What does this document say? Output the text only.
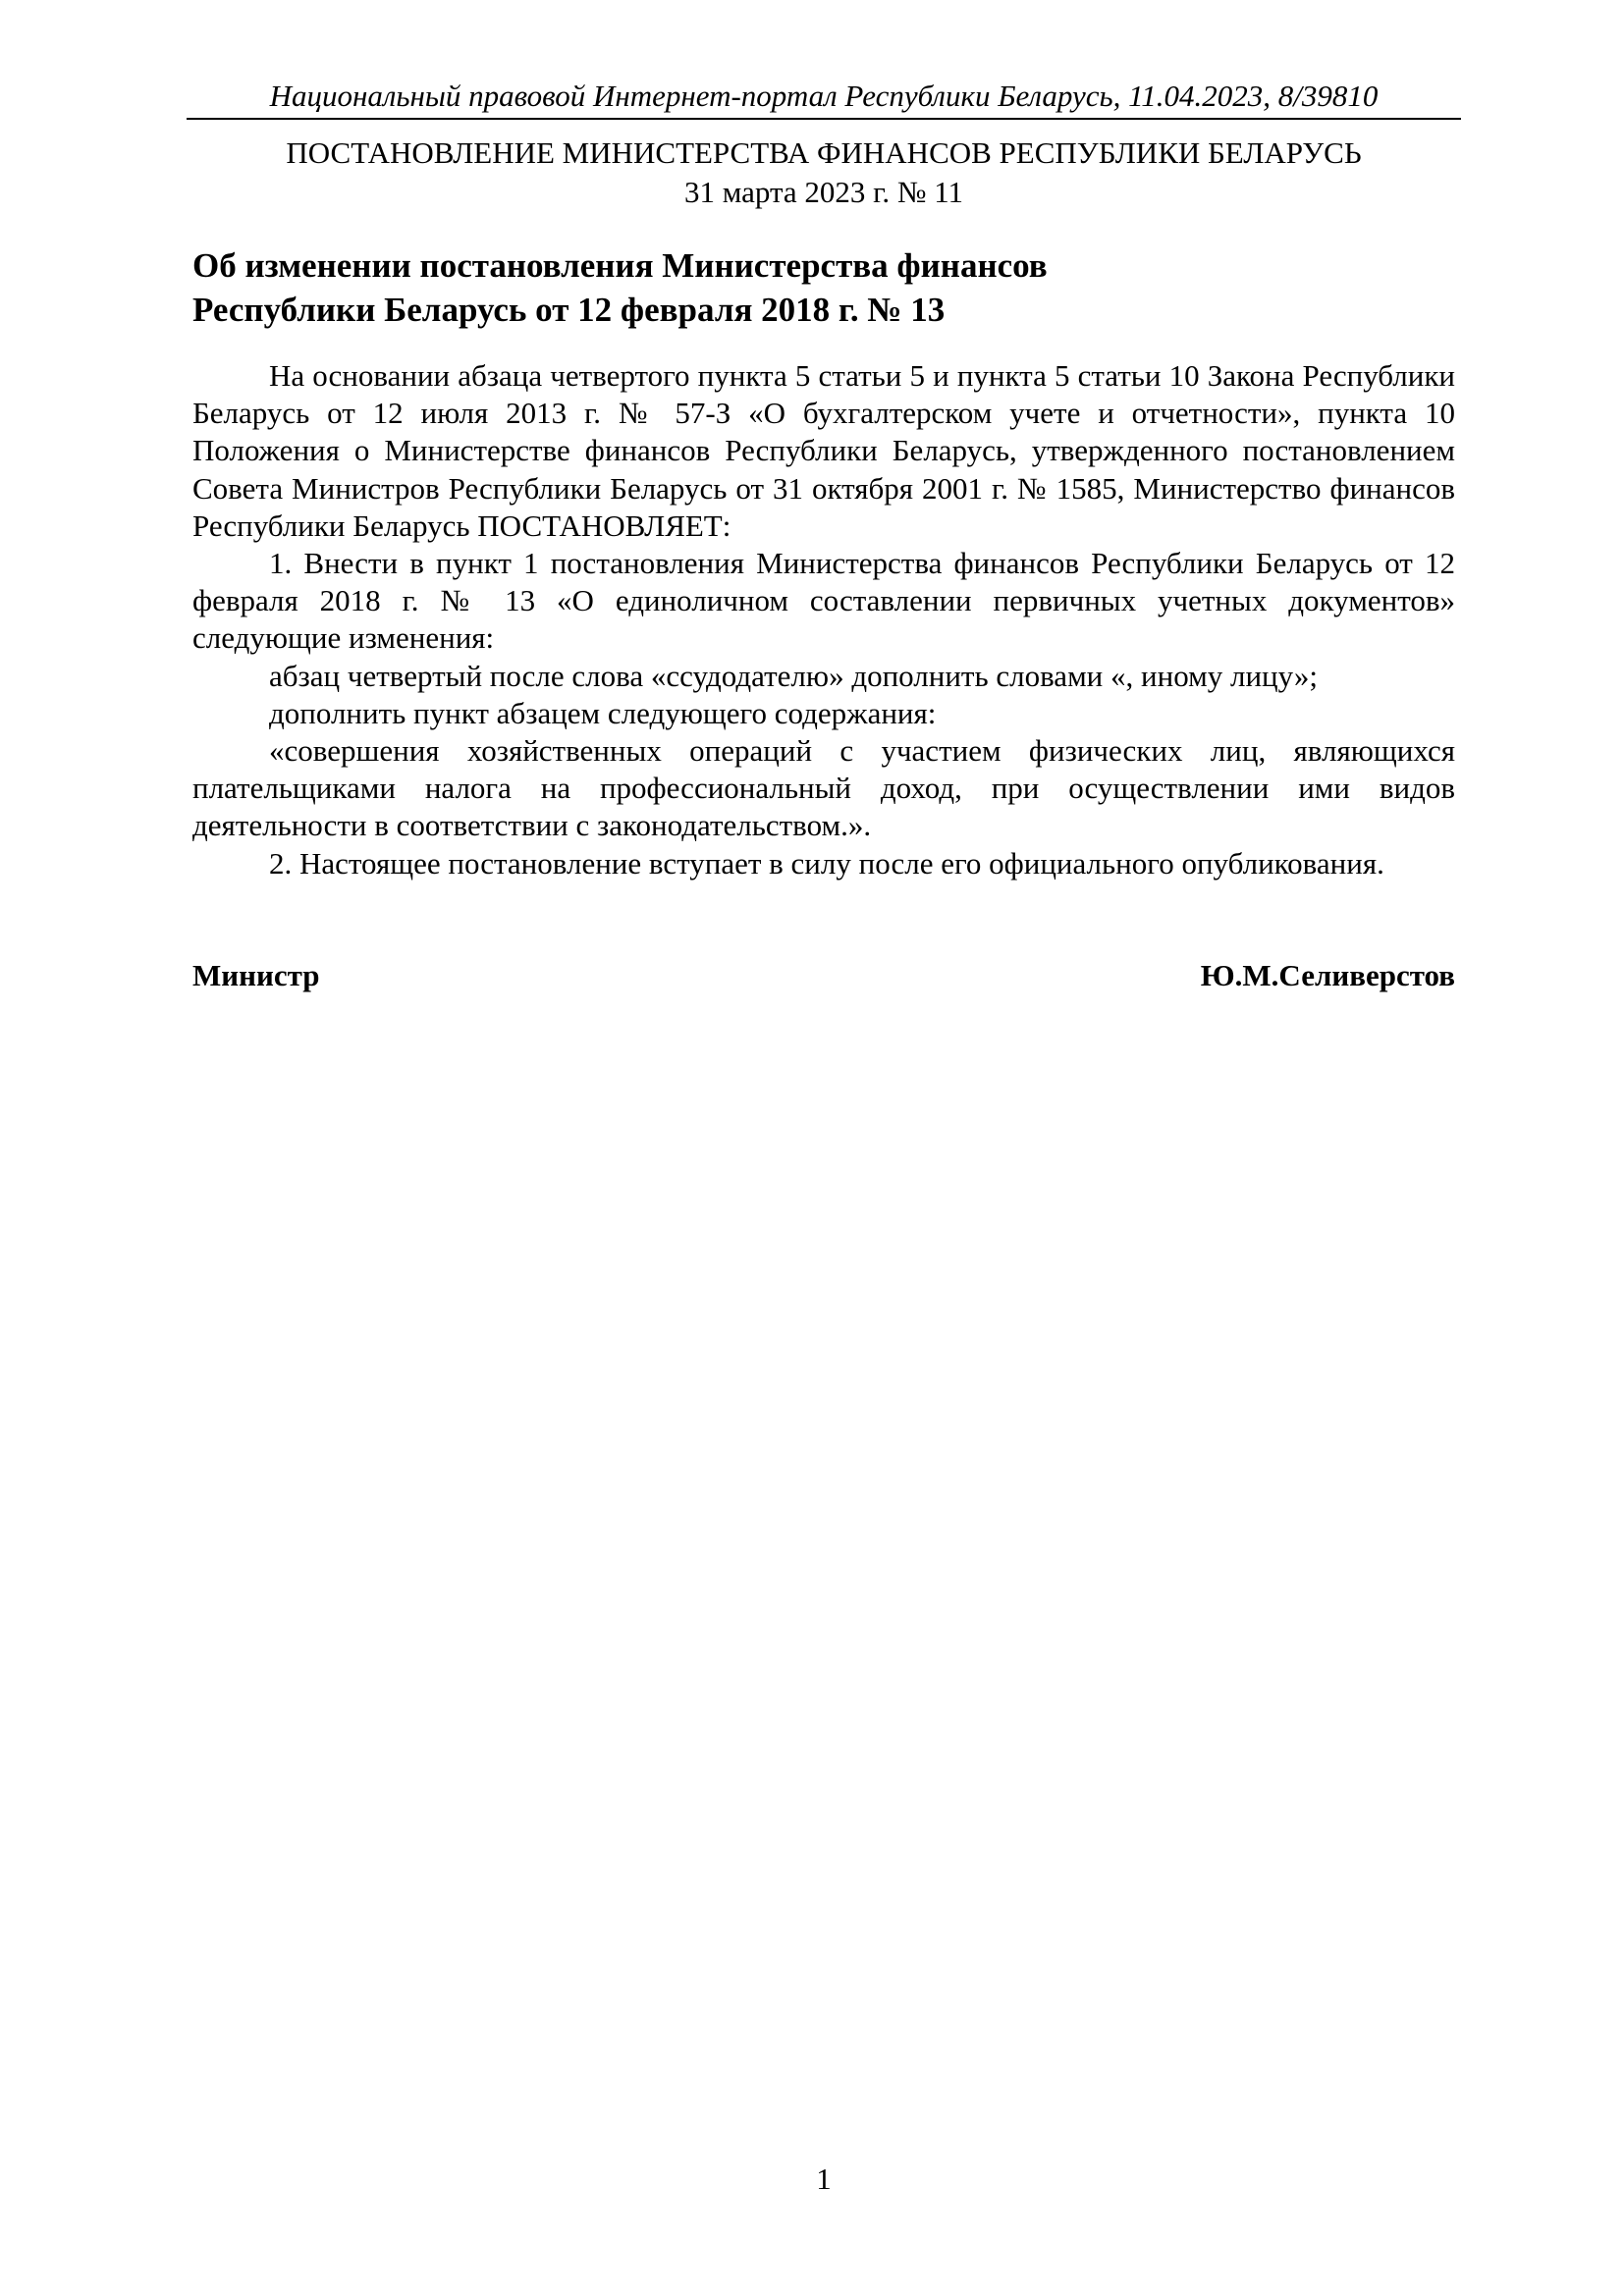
Национальный правовой Интернет-портал Республики Беларусь, 11.04.2023, 8/39810
ПОСТАНОВЛЕНИЕ МИНИСТЕРСТВА ФИНАНСОВ РЕСПУБЛИКИ БЕЛАРУСЬ
31 марта 2023 г. № 11
Об изменении постановления Министерства финансов
Республики Беларусь от 12 февраля 2018 г. № 13

На основании абзаца четвертого пункта 5 статьи 5 и пункта 5 статьи 10 Закона Республики Беларусь от 12 июля 2013 г. № 57-З «О бухгалтерском учете и отчетности», пункта 10 Положения о Министерстве финансов Республики Беларусь, утвержденного постановлением Совета Министров Республики Беларусь от 31 октября 2001 г. № 1585, Министерство финансов Республики Беларусь ПОСТАНОВЛЯЕТ:

1. Внести в пункт 1 постановления Министерства финансов Республики Беларусь от 12 февраля 2018 г. № 13 «О единоличном составлении первичных учетных документов» следующие изменения:

абзац четвертый после слова «ссудодателю» дополнить словами «, иному лицу»;

дополнить пункт абзацем следующего содержания:

«совершения хозяйственных операций с участием физических лиц, являющихся плательщиками налога на профессиональный доход, при осуществлении ими видов деятельности в соответствии с законодательством.».

2. Настоящее постановление вступает в силу после его официального опубликования.

Министр	Ю.М.Селиверстов
1
